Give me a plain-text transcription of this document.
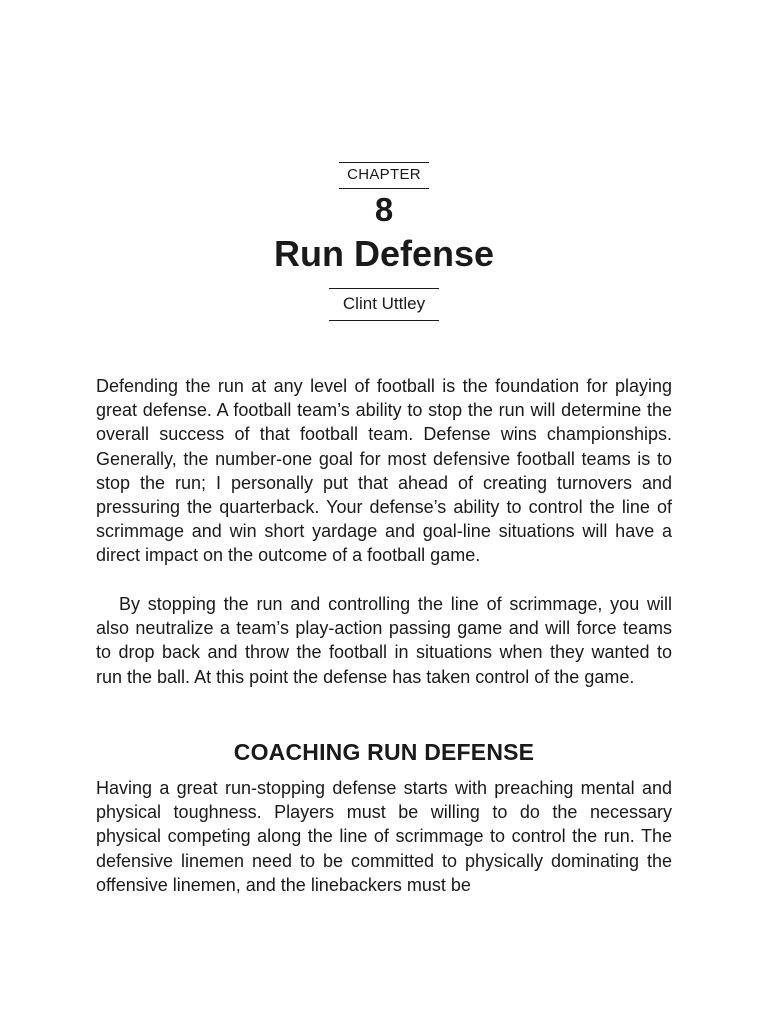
CHAPTER
8
Run Defense
Clint Uttley

Defending the run at any level of football is the foundation for playing great defense. A football team’s ability to stop the run will determine the overall success of that football team. Defense wins championships. Generally, the number-one goal for most defensive football teams is to stop the run; I personally put that ahead of creating turnovers and pressuring the quarterback. Your defense’s ability to control the line of scrimmage and win short yardage and goal-line situations will have a direct impact on the outcome of a football game.

By stopping the run and controlling the line of scrimmage, you will also neutralize a team’s play-action passing game and will force teams to drop back and throw the football in situations when they wanted to run the ball. At this point the defense has taken control of the game.

COACHING RUN DEFENSE

Having a great run-stopping defense starts with preaching mental and physical toughness. Players must be willing to do the necessary physical competing along the line of scrimmage to control the run. The defensive linemen need to be committed to physically dominating the offensive linemen, and the linebackers must be
